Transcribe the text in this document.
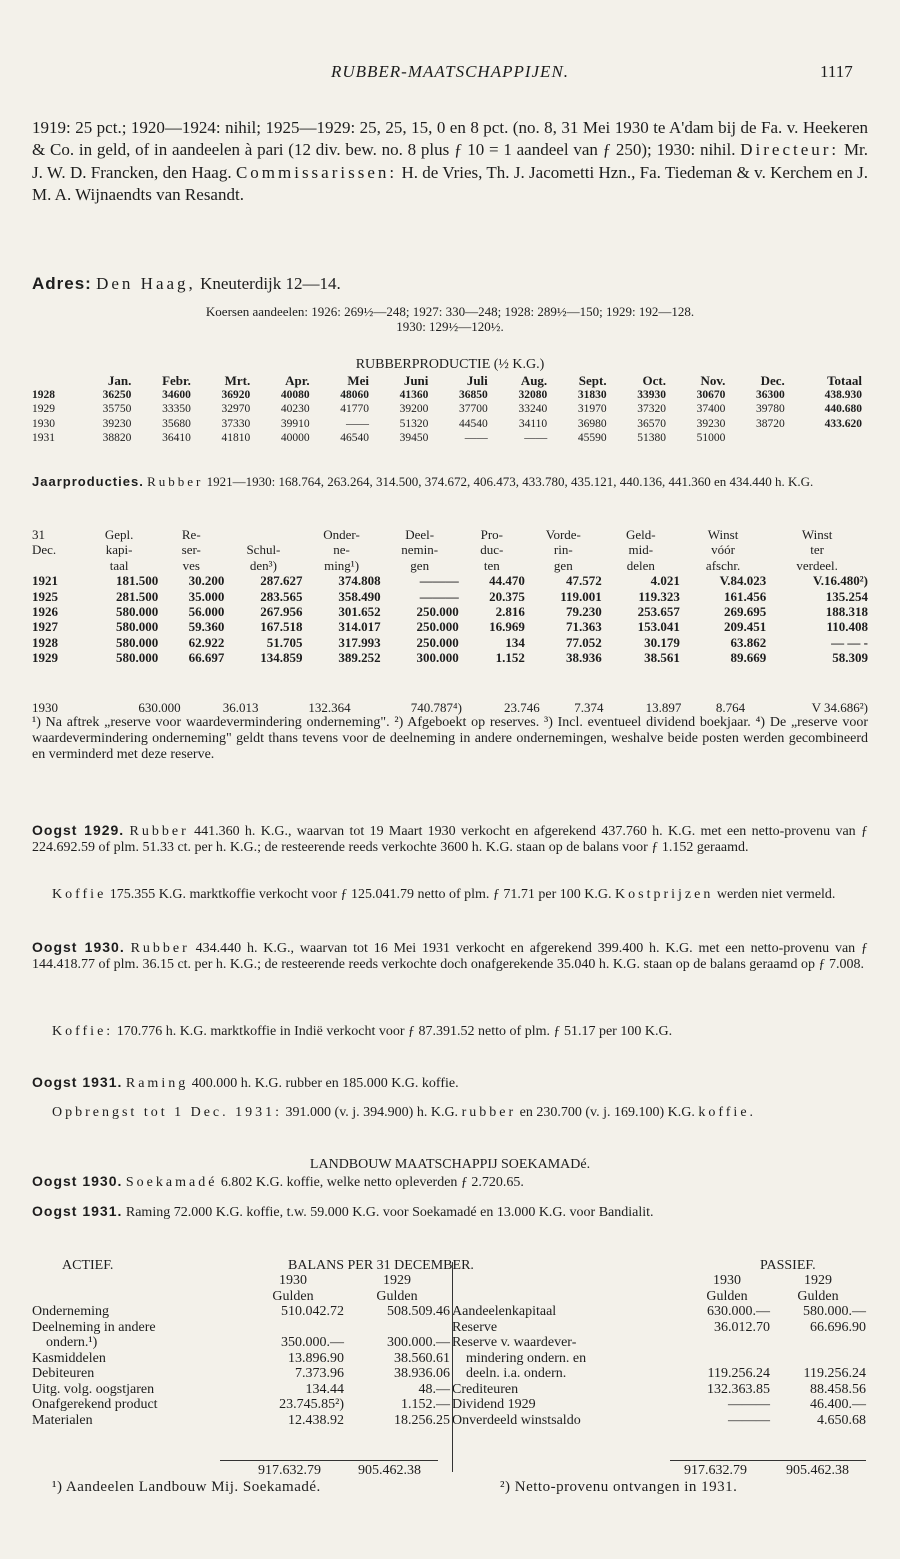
RUBBER-MAATSCHAPPIJEN.	1117
1919: 25 pct.; 1920—1924: nihil; 1925—1929: 25, 25, 15, 0 en 8 pct. (no. 8, 31 Mei 1930 te A'dam bij de Fa. v. Heekeren & Co. in geld, of in aandeelen à pari (12 div. bew. no. 8 plus ƒ 10 = 1 aandeel van ƒ 250); 1930: nihil. Directeur: Mr. J. W. D. Francken, den Haag. Commissarissen: H. de Vries, Th. J. Jacometti Hzn., Fa. Tiedeman & v. Kerchem en J. M. A. Wijnaendts van Resandt.
Adres: Den Haag, Kneuterdijk 12—14.
Koersen aandeelen: 1926: 269½—248; 1927: 330—248; 1928: 289½—150; 1929: 192—128.
1930: 129½—120½.
RUBBERPRODUCTIE (½ K.G.)
	Jan.	Febr.	Mrt.	Apr.	Mei	Juni	Juli	Aug.	Sept.	Oct.	Nov.	Dec.	Totaal
1928	36250	34600	36920	40080	48060	41360	36850	32080	31830	33930	30670	36300	438.930
1929	35750	33350	32970	40230	41770	39200	37700	33240	31970	37320	37400	39780	440.680
1930	39230	35680	37330	39910	——	51320	44540	34110	36980	36570	39230	38720	433.620
1931	38820	36410	41810	40000	46540	39450	——	——	45590	51380	51000		
Jaarproducties. Rubber 1921—1930: 168.764, 263.264, 314.500, 374.672, 406.473, 433.780, 435.121, 440.136, 441.360 en 434.440 h. K.G.
31	Gepl.	Re-		Onder-	Deel-	Pro-	Vorde-	Geld-	Winst	Winst
Dec.	kapi-	ser-	Schul-	ne-	nemin-	duc-	rin-	mid-	vóór	ter
	taal	ves	den³)	ming¹)	gen	ten	gen	delen	afschr.	verdeel.
1921	181.500	30.200	287.627	374.808	———	44.470	47.572	4.021	V.84.023	V.16.480²)
1925	281.500	35.000	283.565	358.490	———	20.375	119.001	119.323	161.456	135.254
1926	580.000	56.000	267.956	301.652	250.000	2.816	79.230	253.657	269.695	188.318
1927	580.000	59.360	167.518	314.017	250.000	16.969	71.363	153.041	209.451	110.408
1928	580.000	62.922	51.705	317.993	250.000	134	77.052	30.179	63.862	— — -
1929	580.000	66.697	134.859	389.252	300.000	1.152	38.936	38.561	89.669	58.309
1930	630.000	36.013	132.364	740.787⁴)		23.746	7.374	13.897	8.764	V 34.686²)
¹) Na aftrek „reserve voor waardevermindering onderneming". ²) Afgeboekt op reserves. ³) Incl. eventueel dividend boekjaar. ⁴) De „reserve voor waardevermindering onderneming" geldt thans tevens voor de deelneming in andere ondernemingen, weshalve beide posten werden gecombineerd en verminderd met deze reserve.
Oogst 1929. Rubber 441.360 h. K.G., waarvan tot 19 Maart 1930 verkocht en afgerekend 437.760 h. K.G. met een netto-provenu van ƒ 224.692.59 of plm. 51.33 ct. per h. K.G.; de resteerende reeds verkochte 3600 h. K.G. staan op de balans voor ƒ 1.152 geraamd.
Koffie 175.355 K.G. marktkoffie verkocht voor ƒ 125.041.79 netto of plm. ƒ 71.71 per 100 K.G. Kostprijzen werden niet vermeld.
Oogst 1930. Rubber 434.440 h. K.G., waarvan tot 16 Mei 1931 verkocht en afgerekend 399.400 h. K.G. met een netto-provenu van ƒ 144.418.77 of plm. 36.15 ct. per h. K.G.; de resteerende reeds verkochte doch onafgerekende 35.040 h. K.G. staan op de balans geraamd op ƒ 7.008.
Koffie: 170.776 h. K.G. marktkoffie in Indië verkocht voor ƒ 87.391.52 netto of plm. ƒ 51.17 per 100 K.G.
Oogst 1931. Raming 400.000 h. K.G. rubber en 185.000 K.G. koffie.
Opbrengst tot 1 Dec. 1931: 391.000 (v. j. 394.900) h. K.G. rubber en 230.700 (v. j. 169.100) K.G. koffie.
LANDBOUW MAATSCHAPPIJ SOEKAMADé.
Oogst 1930. Soekamadé 6.802 K.G. koffie, welke netto opleverden ƒ 2.720.65.
Oogst 1931. Raming 72.000 K.G. koffie, t.w. 59.000 K.G. voor Soekamadé en 13.000 K.G. voor Bandialit.
ACTIEF.	BALANS PER 31 DECEMBER.	PASSIEF.
	1930	1929
	Gulden	Gulden
Onderneming	510.042.72	508.509.46
Deelneming in andere		
ondern.¹)	350.000.—	300.000.—
Kasmiddelen	13.896.90	38.560.61
Debiteuren	7.373.96	38.936.06
Uitg. volg. oogstjaren	134.44	48.—
Onafgerekend product	23.745.85²)	1.152.—
Materialen	12.438.92	18.256.25
	1930	1929
	Gulden	Gulden
Aandeelenkapitaal	630.000.—	580.000.—
Reserve	36.012.70	66.696.90
Reserve v. waardever-		
mindering ondern. en		
deeln. i.a. ondern.	119.256.24	119.256.24
Crediteuren	132.363.85	88.458.56
Dividend 1929	———	46.400.—
Onverdeeld winstsaldo	———	4.650.68
917.632.79	905.462.38	917.632.79	905.462.38
¹) Aandeelen Landbouw Mij. Soekamadé.	²) Netto-provenu ontvangen in 1931.
